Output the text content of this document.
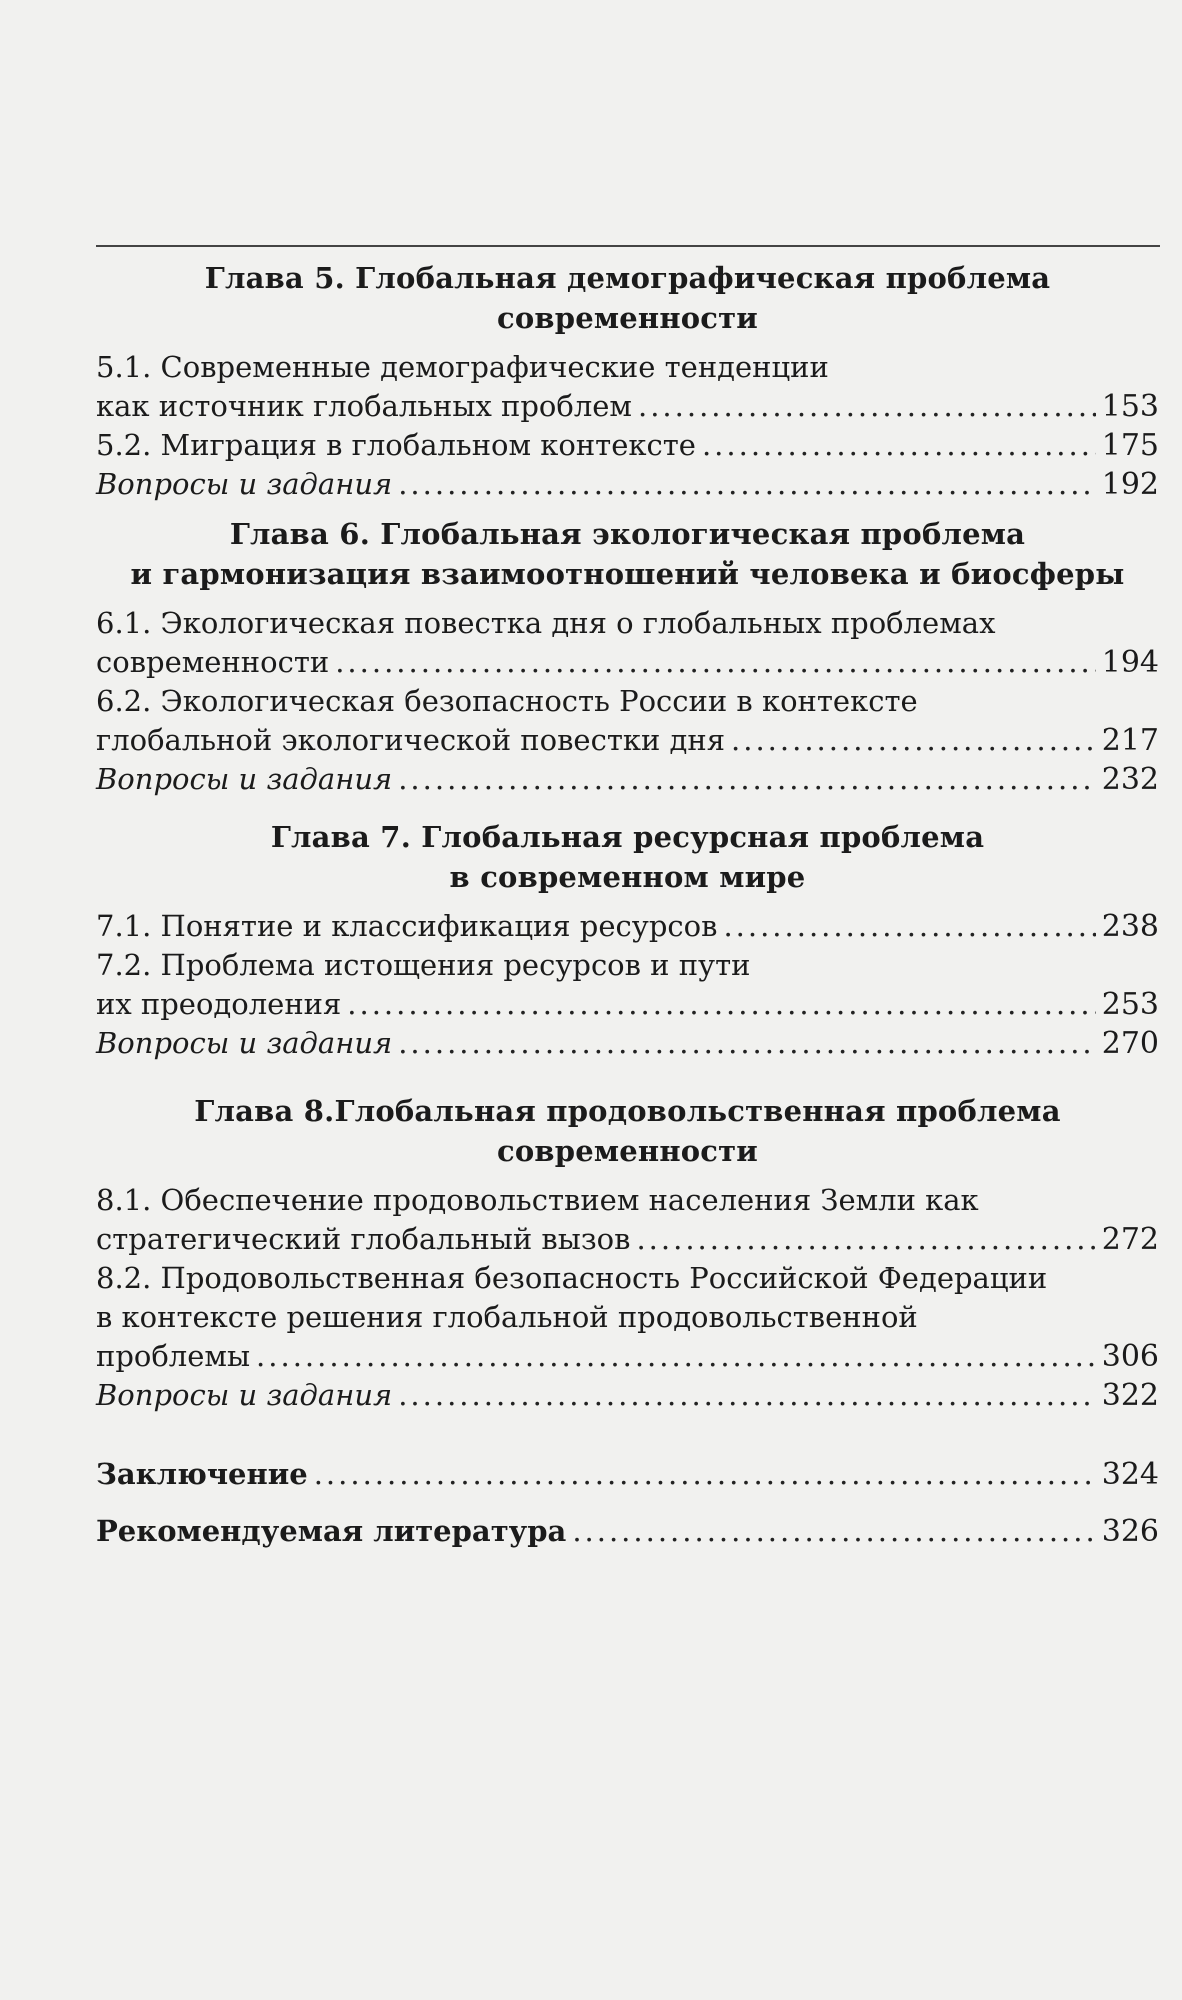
Глава 5. Глобальная демографическая проблема
современности
5.1. Современные демографические тенденции
как источник глобальных проблем .....	153
5.2. Миграция в глобальном контексте .....	175
Вопросы и задания .....	192
Глава 6. Глобальная экологическая проблема
и гармонизация взаимоотношений человека и биосферы
6.1. Экологическая повестка дня о глобальных проблемах
современности .....	194
6.2. Экологическая безопасность России в контексте
глобальной экологической повестки дня .....	217
Вопросы и задания .....	232
Глава 7. Глобальная ресурсная проблема
в современном мире
7.1. Понятие и классификация ресурсов .....	238
7.2. Проблема истощения ресурсов и пути
их преодоления .....	253
Вопросы и задания .....	270
Глава 8.Глобальная продовольственная проблема
современности
8.1. Обеспечение продовольствием населения Земли как
стратегический глобальный вызов .....	272
8.2. Продовольственная безопасность Российской Федерации
в контексте решения глобальной продовольственной
проблемы .....	306
Вопросы и задания .....	322
Заключение .....	324
Рекомендуемая литература .....	326
